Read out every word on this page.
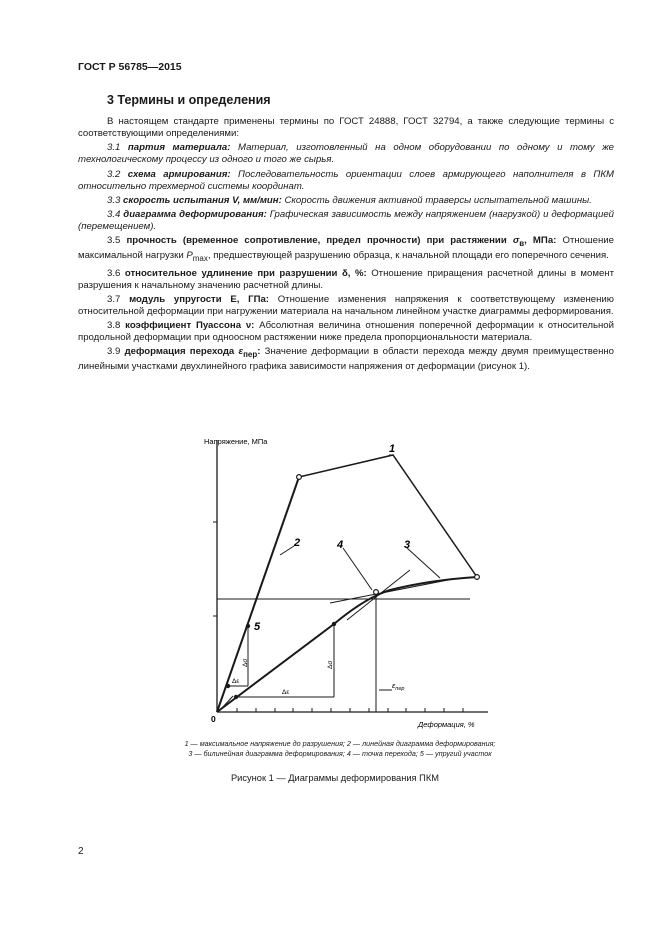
ГОСТ Р 56785—2015
3 Термины и определения

В настоящем стандарте применены термины по ГОСТ 24888, ГОСТ 32794, а также следующие термины с соответствующими определениями:

3.1 партия материала: Материал, изготовленный на одном оборудовании по одному и тому же технологическому процессу из одного и того же сырья.

3.2 схема армирования: Последовательность ориентации слоев армирующего наполнителя в ПКМ относительно трехмерной системы координат.

3.3 скорость испытания V, мм/мин: Скорость движения активной траверсы испытательной машины.

3.4 диаграмма деформирования: Графическая зависимость между напряжением (нагрузкой) и деформацией (перемещением).

3.5 прочность (временное сопротивление, предел прочности) при растяжении $\sigma_в$, МПа: Отношение максимальной нагрузки $P_{max}$, предшествующей разрушению образца, к начальной площади его поперечного сечения.

3.6 относительное удлинение при разрушении δ, %: Отношение приращения расчетной длины в момент разрушения к начальному значению расчетной длины.

3.7 модуль упругости E, ГПа: Отношение изменения напряжения к соответствующему изменению относительной деформации при нагружении материала на начальном линейном участке диаграммы деформирования.

3.8 коэффициент Пуассона ν: Абсолютная величина отношения поперечной деформации к относительной продольной деформации при одноосном растяжении ниже предела пропорциональности материала.

3.9 деформация перехода $\varepsilon_{пер}$: Значение деформации в области перехода между двумя преимущественно линейными участками двухлинейного графика зависимости напряжения от деформации (рисунок 1).

Напряжение, МПа
Деформация, %
0
1
2	3
4
5
Δσ	Δσ
Δε
Δε
$\varepsilon_{пер}$
1 — максимальное напряжение до разрушения; 2 — линейная диаграмма деформирования;
3 — билинейная диаграмма деформирования; 4 — точка перехода; 5 — упругий участок
Рисунок 1 — Диаграммы деформирования ПКМ
2
